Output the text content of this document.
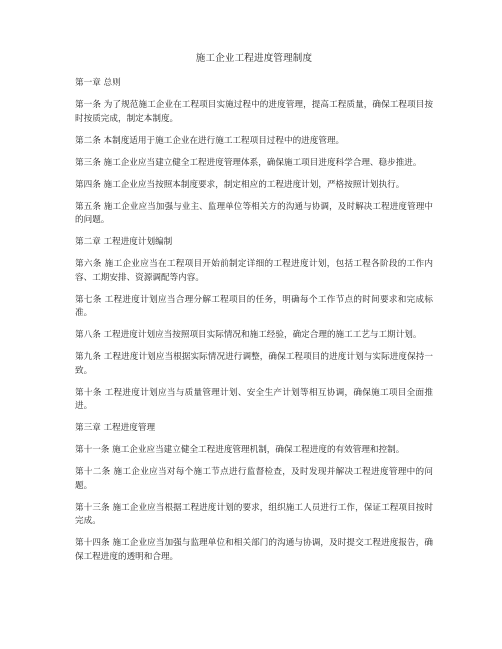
施工企业工程进度管理制度
第一章 总则
第一条 为了规范施工企业在工程项目实施过程中的进度管理，提高工程质量，确保工程项目按时按质完成，制定本制度。
第二条 本制度适用于施工企业在进行施工工程项目过程中的进度管理。
第三条 施工企业应当建立健全工程进度管理体系，确保施工项目进度科学合理、稳步推进。
第四条 施工企业应当按照本制度要求，制定相应的工程进度计划，严格按照计划执行。
第五条 施工企业应当加强与业主、监理单位等相关方的沟通与协调，及时解决工程进度管理中的问题。
第二章 工程进度计划编制
第六条 施工企业应当在工程项目开始前制定详细的工程进度计划，包括工程各阶段的工作内容、工期安排、资源调配等内容。
第七条 工程进度计划应当合理分解工程项目的任务，明确每个工作节点的时间要求和完成标准。
第八条 工程进度计划应当按照项目实际情况和施工经验，确定合理的施工工艺与工期计划。
第九条 工程进度计划应当根据实际情况进行调整，确保工程项目的进度计划与实际进度保持一致。
第十条 工程进度计划应当与质量管理计划、安全生产计划等相互协调，确保施工项目全面推进。
第三章 工程进度管理
第十一条 施工企业应当建立健全工程进度管理机制，确保工程进度的有效管理和控制。
第十二条 施工企业应当对每个施工节点进行监督检查，及时发现并解决工程进度管理中的问题。
第十三条 施工企业应当根据工程进度计划的要求，组织施工人员进行工作，保证工程项目按时完成。
第十四条 施工企业应当加强与监理单位和相关部门的沟通与协调，及时提交工程进度报告，确保工程进度的透明和合理。
